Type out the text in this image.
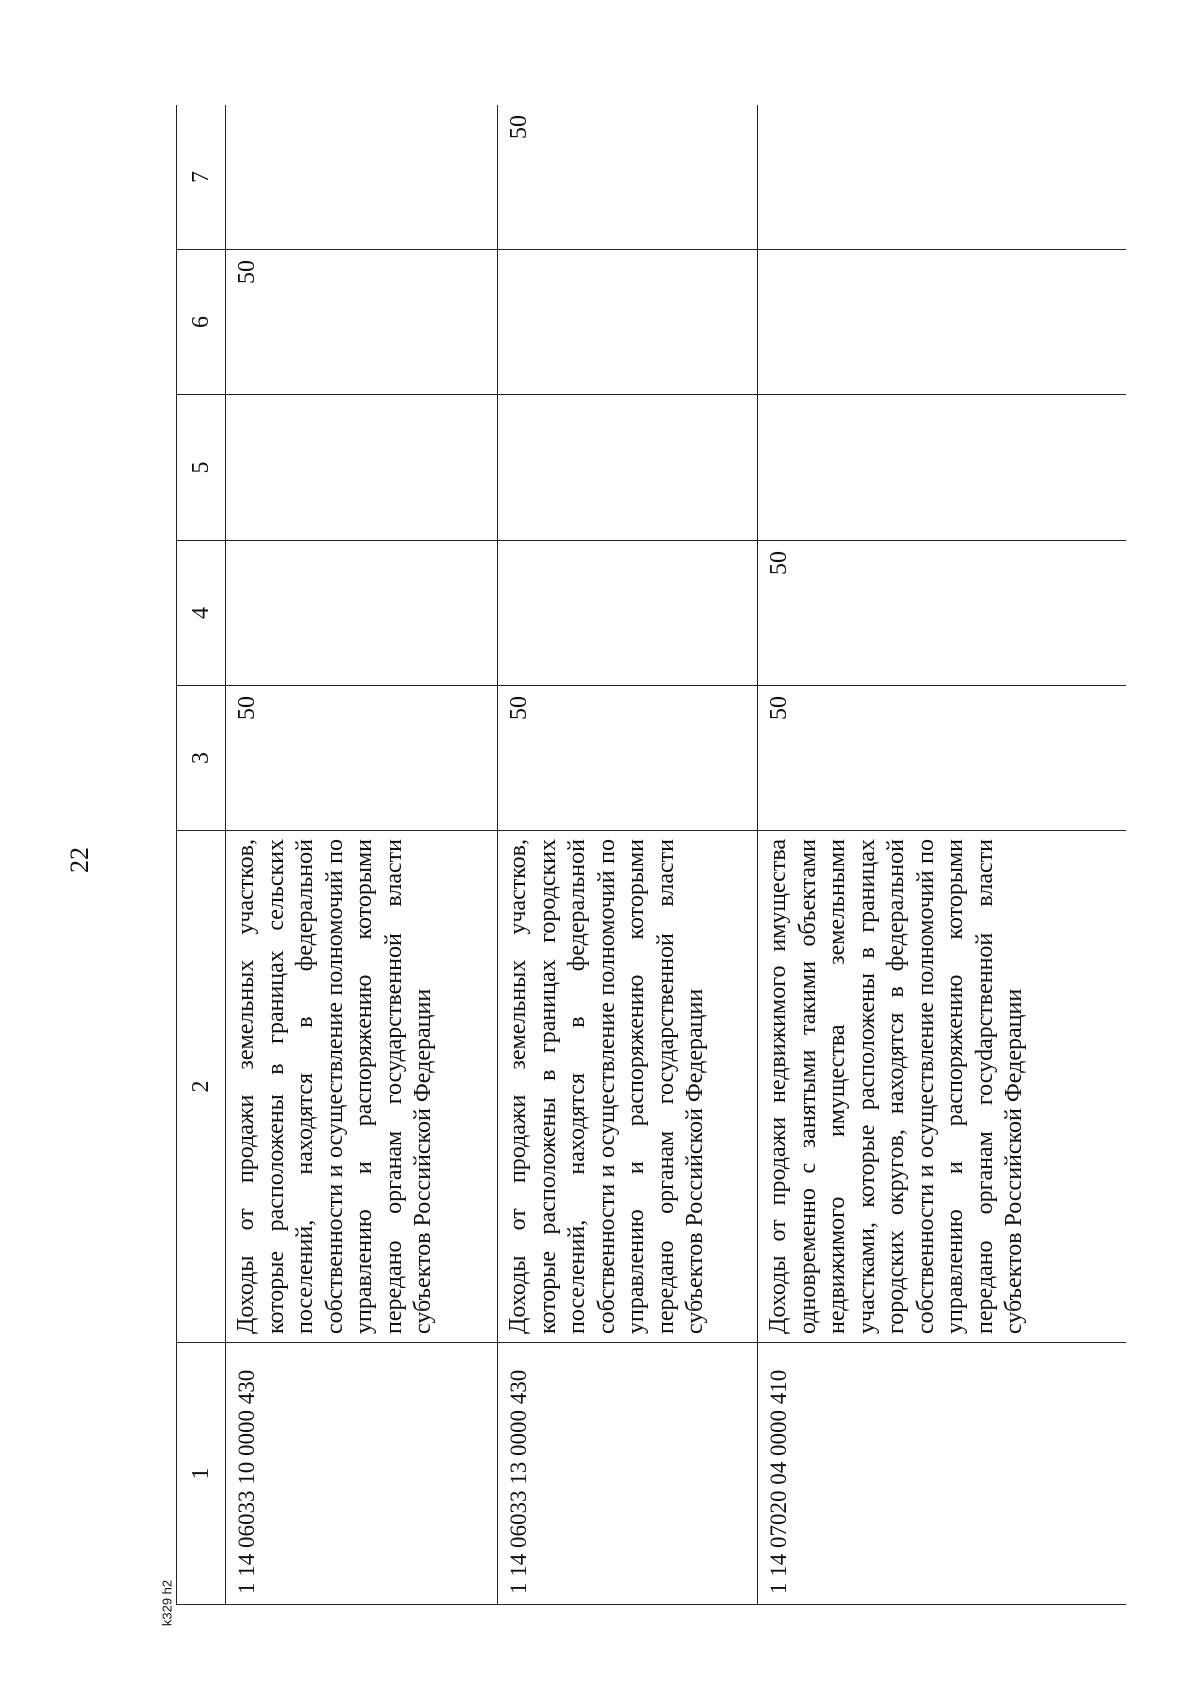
22
1	2	3	4	5	6	7
1 14 06033 10 0000 430	Доходы от продажи земельных участков, которые расположены в границах сельских поселений, находятся в федеральной собственности и осуществление полномочий по управлению и распоряжению которыми передано органам государственной власти субъектов Российской Федерации	50			50	
1 14 06033 13 0000 430	Доходы от продажи земельных участков, которые расположены в границах городских поселений, находятся в федеральной собственности и осуществление полномочий по управлению и распоряжению которыми передано органам государственной власти субъектов Российской Федерации	50				50
1 14 07020 04 0000 410	Доходы от продажи недвижимого имущества одновременно с занятыми такими объектами недвижимого имущества земельными участками, которые расположены в границах городских округов, находятся в федеральной собственности и осуществление полномочий по управлению и распоряжению которыми передано органам госуdарственной власти субъектов Российской Федерации	50	50			
k329 h2
